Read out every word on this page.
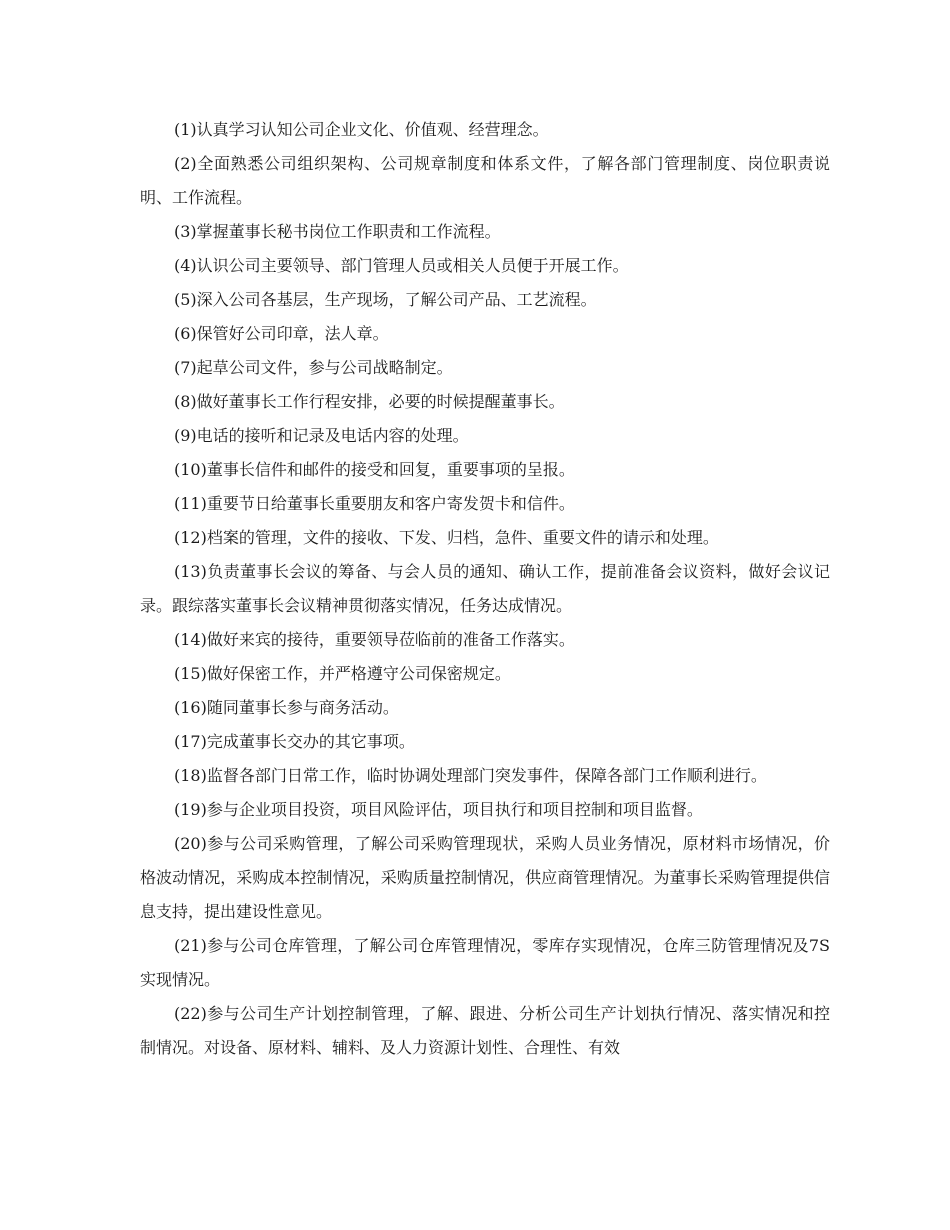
(1)认真学习认知公司企业文化、价值观、经营理念。

(2)全面熟悉公司组织架构、公司规章制度和体系文件，了解各部门管理制度、岗位职责说明、工作流程。

(3)掌握董事长秘书岗位工作职责和工作流程。

(4)认识公司主要领导、部门管理人员或相关人员便于开展工作。

(5)深入公司各基层，生产现场，了解公司产品、工艺流程。

(6)保管好公司印章，法人章。

(7)起草公司文件，参与公司战略制定。

(8)做好董事长工作行程安排，必要的时候提醒董事长。

(9)电话的接听和记录及电话内容的处理。

(10)董事长信件和邮件的接受和回复，重要事项的呈报。

(11)重要节日给董事长重要朋友和客户寄发贺卡和信件。

(12)档案的管理，文件的接收、下发、归档，急件、重要文件的请示和处理。

(13)负责董事长会议的筹备、与会人员的通知、确认工作，提前准备会议资料，做好会议记录。跟综落实董事长会议精神贯彻落实情况，任务达成情况。

(14)做好来宾的接待，重要领导莅临前的准备工作落实。

(15)做好保密工作，并严格遵守公司保密规定。

(16)随同董事长参与商务活动。

(17)完成董事长交办的其它事项。

(18)监督各部门日常工作，临时协调处理部门突发事件，保障各部门工作顺利进行。

(19)参与企业项目投资，项目风险评估，项目执行和项目控制和项目监督。

(20)参与公司采购管理，了解公司采购管理现状，采购人员业务情况，原材料市场情况，价格波动情况，采购成本控制情况，采购质量控制情况，供应商管理情况。为董事长采购管理提供信息支持，提出建设性意见。

(21)参与公司仓库管理，了解公司仓库管理情况，零库存实现情况，仓库三防管理情况及7S实现情况。

(22)参与公司生产计划控制管理，了解、跟进、分析公司生产计划执行情况、落实情况和控制情况。对设备、原材料、辅料、及人力资源计划性、合理性、有效
